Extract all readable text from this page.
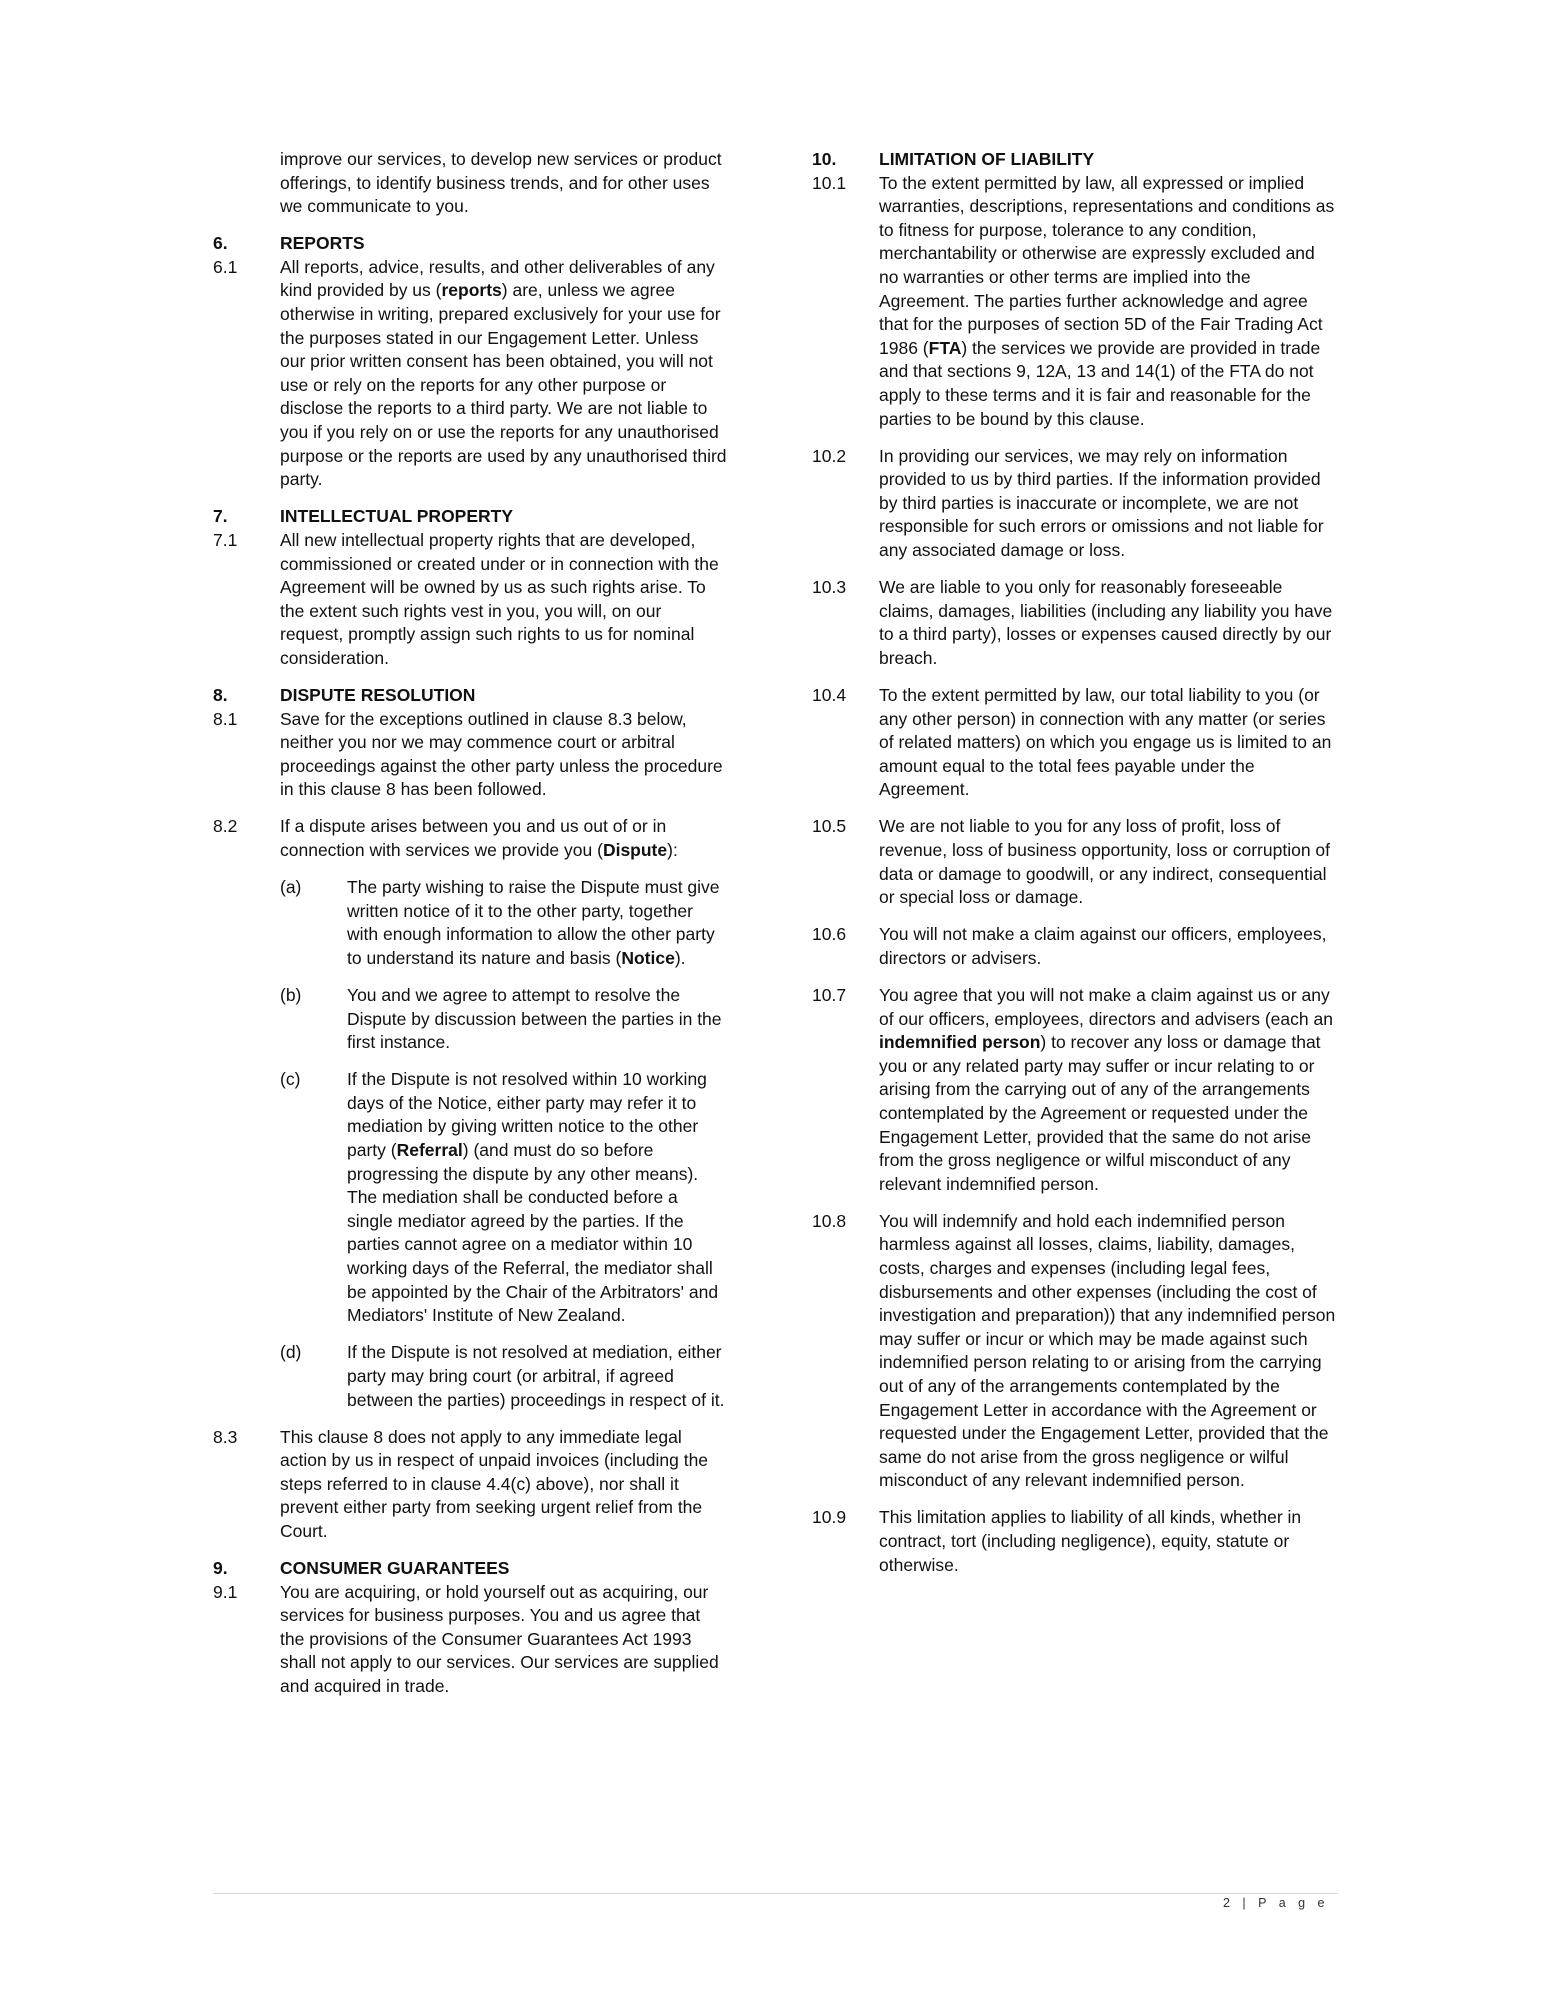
improve our services, to develop new services or product offerings, to identify business trends, and for other uses we communicate to you.

6.	REPORTS
6.1	All reports, advice, results, and other deliverables of any kind provided by us (reports) are, unless we agree otherwise in writing, prepared exclusively for your use for the purposes stated in our Engagement Letter. Unless our prior written consent has been obtained, you will not use or rely on the reports for any other purpose or disclose the reports to a third party. We are not liable to you if you rely on or use the reports for any unauthorised purpose or the reports are used by any unauthorised third party.
7.	INTELLECTUAL PROPERTY
7.1	All new intellectual property rights that are developed, commissioned or created under or in connection with the Agreement will be owned by us as such rights arise. To the extent such rights vest in you, you will, on our request, promptly assign such rights to us for nominal consideration.
8.	DISPUTE RESOLUTION
8.1	Save for the exceptions outlined in clause 8.3 below, neither you nor we may commence court or arbitral proceedings against the other party unless the procedure in this clause 8 has been followed.
8.2	If a dispute arises between you and us out of or in connection with services we provide you (Dispute):
(a)	The party wishing to raise the Dispute must give written notice of it to the other party, together with enough information to allow the other party to understand its nature and basis (Notice).
(b)	You and we agree to attempt to resolve the Dispute by discussion between the parties in the first instance.
(c)	If the Dispute is not resolved within 10 working days of the Notice, either party may refer it to mediation by giving written notice to the other party (Referral) (and must do so before progressing the dispute by any other means). The mediation shall be conducted before a single mediator agreed by the parties. If the parties cannot agree on a mediator within 10 working days of the Referral, the mediator shall be appointed by the Chair of the Arbitrators' and Mediators' Institute of New Zealand.
(d)	If the Dispute is not resolved at mediation, either party may bring court (or arbitral, if agreed between the parties) proceedings in respect of it.
8.3	This clause 8 does not apply to any immediate legal action by us in respect of unpaid invoices (including the steps referred to in clause 4.4(c) above), nor shall it prevent either party from seeking urgent relief from the Court.
9.	CONSUMER GUARANTEES
9.1	You are acquiring, or hold yourself out as acquiring, our services for business purposes. You and us agree that the provisions of the Consumer Guarantees Act 1993 shall not apply to our services. Our services are supplied and acquired in trade.
10.	LIMITATION OF LIABILITY
10.1	To the extent permitted by law, all expressed or implied warranties, descriptions, representations and conditions as to fitness for purpose, tolerance to any condition, merchantability or otherwise are expressly excluded and no warranties or other terms are implied into the Agreement. The parties further acknowledge and agree that for the purposes of section 5D of the Fair Trading Act 1986 (FTA) the services we provide are provided in trade and that sections 9, 12A, 13 and 14(1) of the FTA do not apply to these terms and it is fair and reasonable for the parties to be bound by this clause.
10.2	In providing our services, we may rely on information provided to us by third parties. If the information provided by third parties is inaccurate or incomplete, we are not responsible for such errors or omissions and not liable for any associated damage or loss.
10.3	We are liable to you only for reasonably foreseeable claims, damages, liabilities (including any liability you have to a third party), losses or expenses caused directly by our breach.
10.4	To the extent permitted by law, our total liability to you (or any other person) in connection with any matter (or series of related matters) on which you engage us is limited to an amount equal to the total fees payable under the Agreement.
10.5	We are not liable to you for any loss of profit, loss of revenue, loss of business opportunity, loss or corruption of data or damage to goodwill, or any indirect, consequential or special loss or damage.
10.6	You will not make a claim against our officers, employees, directors or advisers.
10.7	You agree that you will not make a claim against us or any of our officers, employees, directors and advisers (each an indemnified person) to recover any loss or damage that you or any related party may suffer or incur relating to or arising from the carrying out of any of the arrangements contemplated by the Agreement or requested under the Engagement Letter, provided that the same do not arise from the gross negligence or wilful misconduct of any relevant indemnified person.
10.8	You will indemnify and hold each indemnified person harmless against all losses, claims, liability, damages, costs, charges and expenses (including legal fees, disbursements and other expenses (including the cost of investigation and preparation)) that any indemnified person may suffer or incur or which may be made against such indemnified person relating to or arising from the carrying out of any of the arrangements contemplated by the Engagement Letter in accordance with the Agreement or requested under the Engagement Letter, provided that the same do not arise from the gross negligence or wilful misconduct of any relevant indemnified person.
10.9	This limitation applies to liability of all kinds, whether in contract, tort (including negligence), equity, statute or otherwise.
2 | P a g e
